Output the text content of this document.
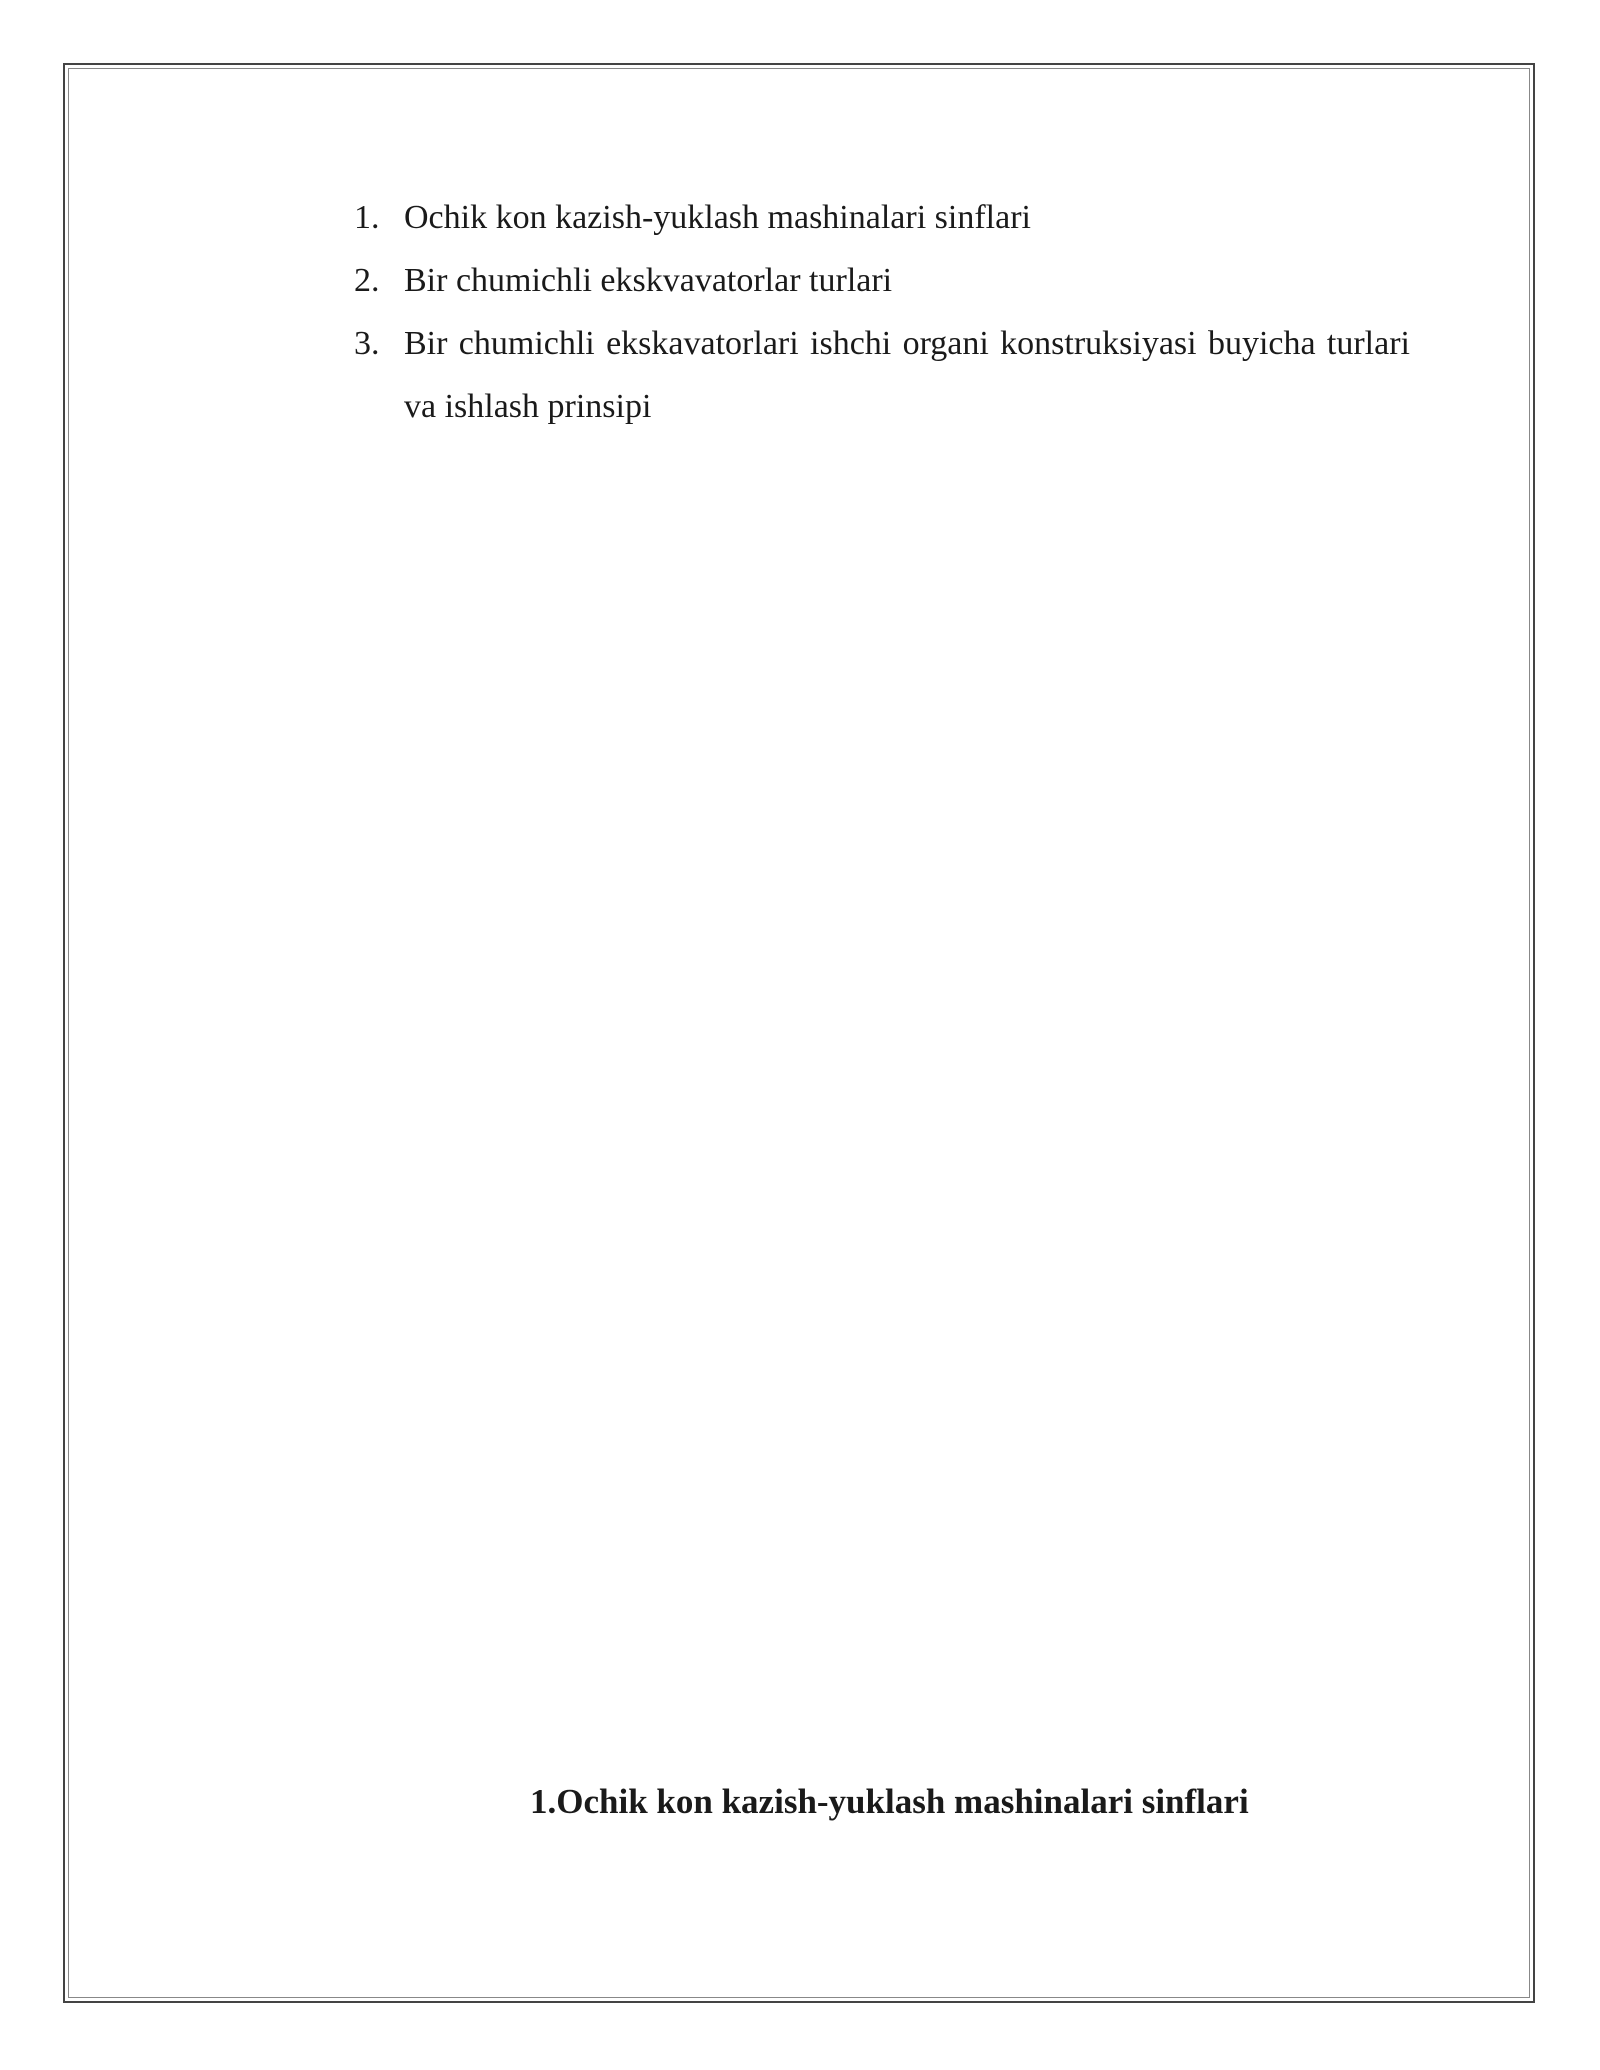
1. Ochik kon kazish-yuklash mashinalari sinflari
2. Bir chumichli ekskvavatorlar turlari
3. Bir chumichli ekskavatorlari ishchi organi konstruksiyasi buyicha turlari va ishlash prinsipi
1.Ochik kon kazish-yuklash mashinalari sinflari
